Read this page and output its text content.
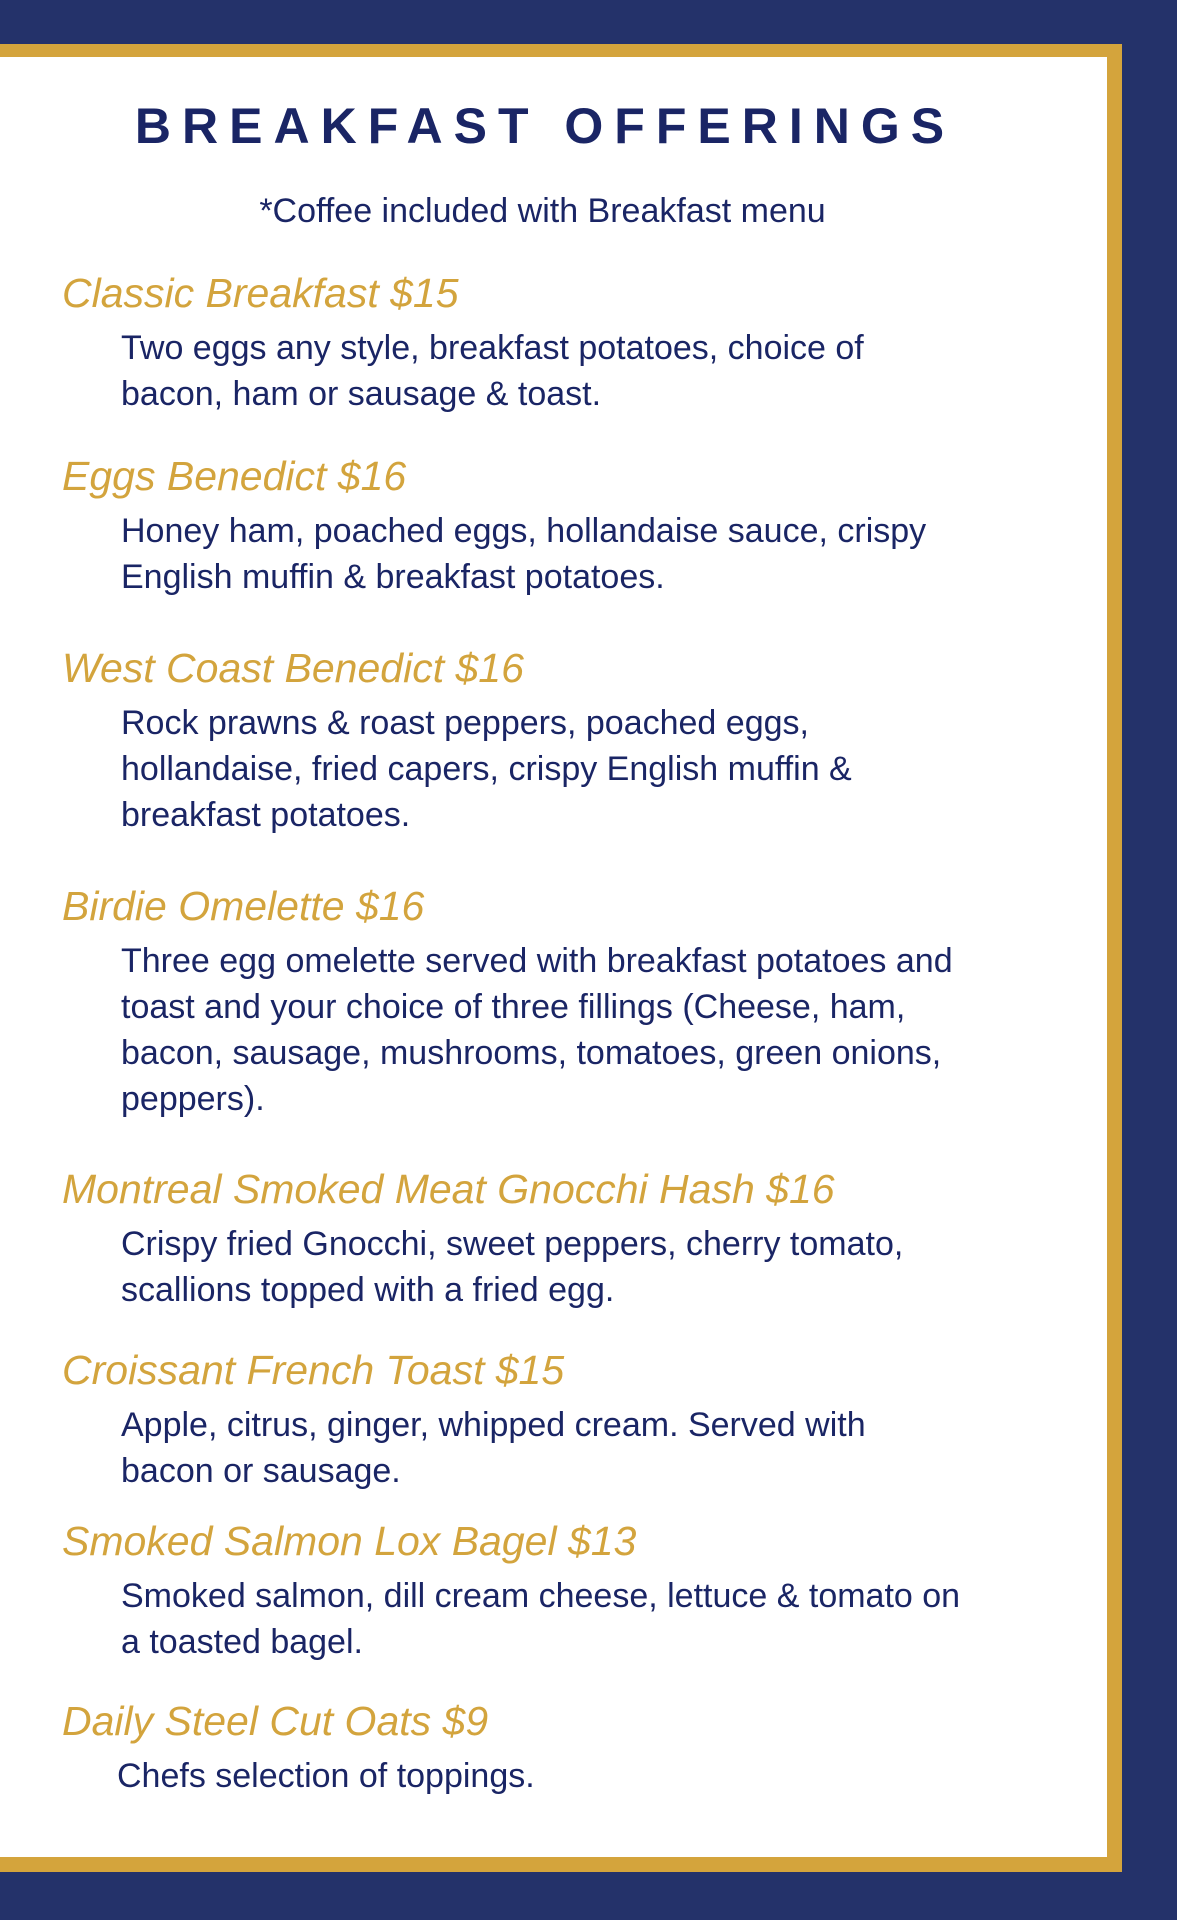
BREAKFAST OFFERINGS
*Coffee included with Breakfast menu
Classic Breakfast $15
Two eggs any style, breakfast potatoes, choice of
bacon, ham or sausage & toast.
Eggs Benedict $16
Honey ham, poached eggs, hollandaise sauce, crispy
English muffin & breakfast potatoes.
West Coast Benedict $16
Rock prawns & roast peppers, poached eggs,
hollandaise, fried capers, crispy English muffin &
breakfast potatoes.
Birdie Omelette $16
Three egg omelette served with breakfast potatoes and
toast and your choice of three fillings (Cheese, ham,
bacon, sausage, mushrooms, tomatoes, green onions,
peppers).
Montreal Smoked Meat Gnocchi Hash $16
Crispy fried Gnocchi, sweet peppers, cherry tomato,
scallions topped with a fried egg.
Croissant French Toast $15
Apple, citrus, ginger, whipped cream. Served with
bacon or sausage.
Smoked Salmon Lox Bagel $13
Smoked salmon, dill cream cheese, lettuce & tomato on
a toasted bagel.
Daily Steel Cut Oats $9
Chefs selection of toppings.
